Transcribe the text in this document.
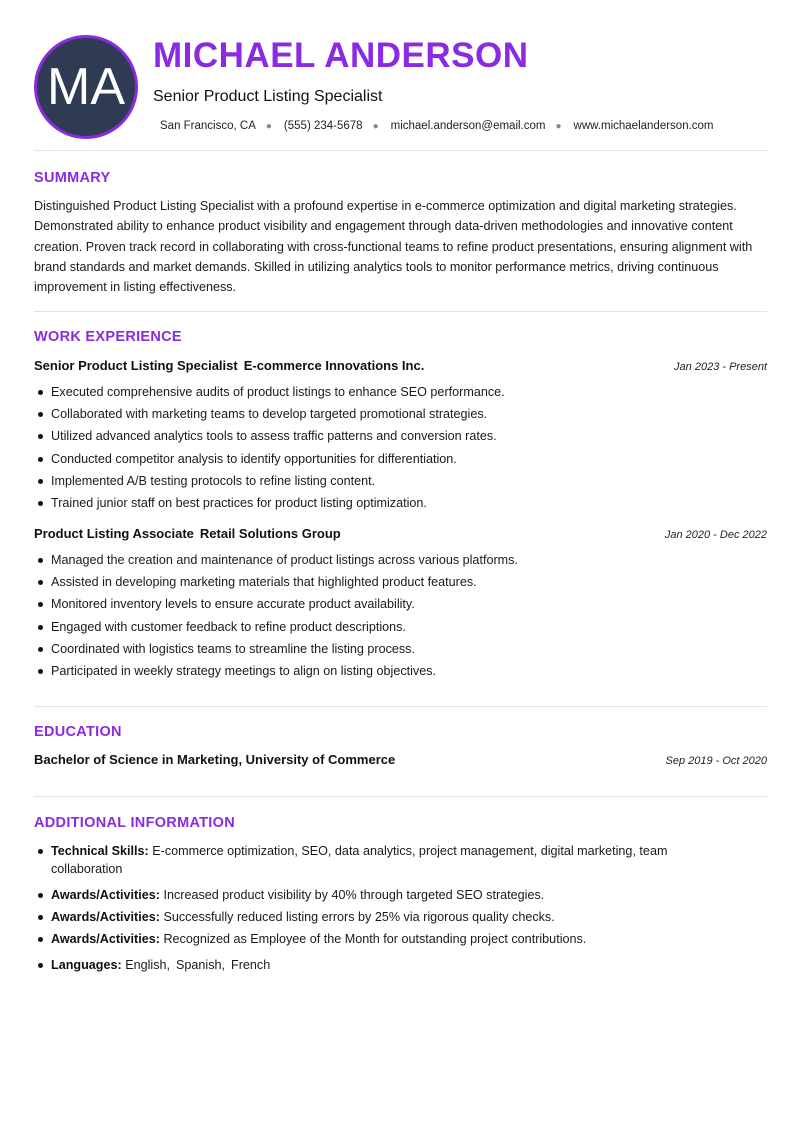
MA
MICHAEL ANDERSON
Senior Product Listing Specialist
San Francisco, CA ● (555) 234-5678 ● michael.anderson@email.com ● www.michaelanderson.com
SUMMARY

Distinguished Product Listing Specialist with a profound expertise in e-commerce optimization and digital marketing strategies. Demonstrated ability to enhance product visibility and engagement through data-driven methodologies and innovative content creation. Proven track record in collaborating with cross-functional teams to refine product presentations, ensuring alignment with brand standards and market demands. Skilled in utilizing analytics tools to monitor performance metrics, driving continuous improvement in listing effectiveness.

WORK EXPERIENCE
Senior Product Listing Specialist E-commerce Innovations Inc.	Jan 2023 - Present
Executed comprehensive audits of product listings to enhance SEO performance.
Collaborated with marketing teams to develop targeted promotional strategies.
Utilized advanced analytics tools to assess traffic patterns and conversion rates.
Conducted competitor analysis to identify opportunities for differentiation.
Implemented A/B testing protocols to refine listing content.
Trained junior staff on best practices for product listing optimization.
Product Listing Associate Retail Solutions Group	Jan 2020 - Dec 2022
Managed the creation and maintenance of product listings across various platforms.
Assisted in developing marketing materials that highlighted product features.
Monitored inventory levels to ensure accurate product availability.
Engaged with customer feedback to refine product descriptions.
Coordinated with logistics teams to streamline the listing process.
Participated in weekly strategy meetings to align on listing objectives.
EDUCATION
Bachelor of Science in Marketing, University of Commerce	Sep 2019 - Oct 2020
ADDITIONAL INFORMATION
Technical Skills: E-commerce optimization, SEO, data analytics, project management, digital marketing, team collaboration
Awards/Activities: Increased product visibility by 40% through targeted SEO strategies.
Awards/Activities: Successfully reduced listing errors by 25% via rigorous quality checks.
Awards/Activities: Recognized as Employee of the Month for outstanding project contributions.
Languages: English, Spanish, French
